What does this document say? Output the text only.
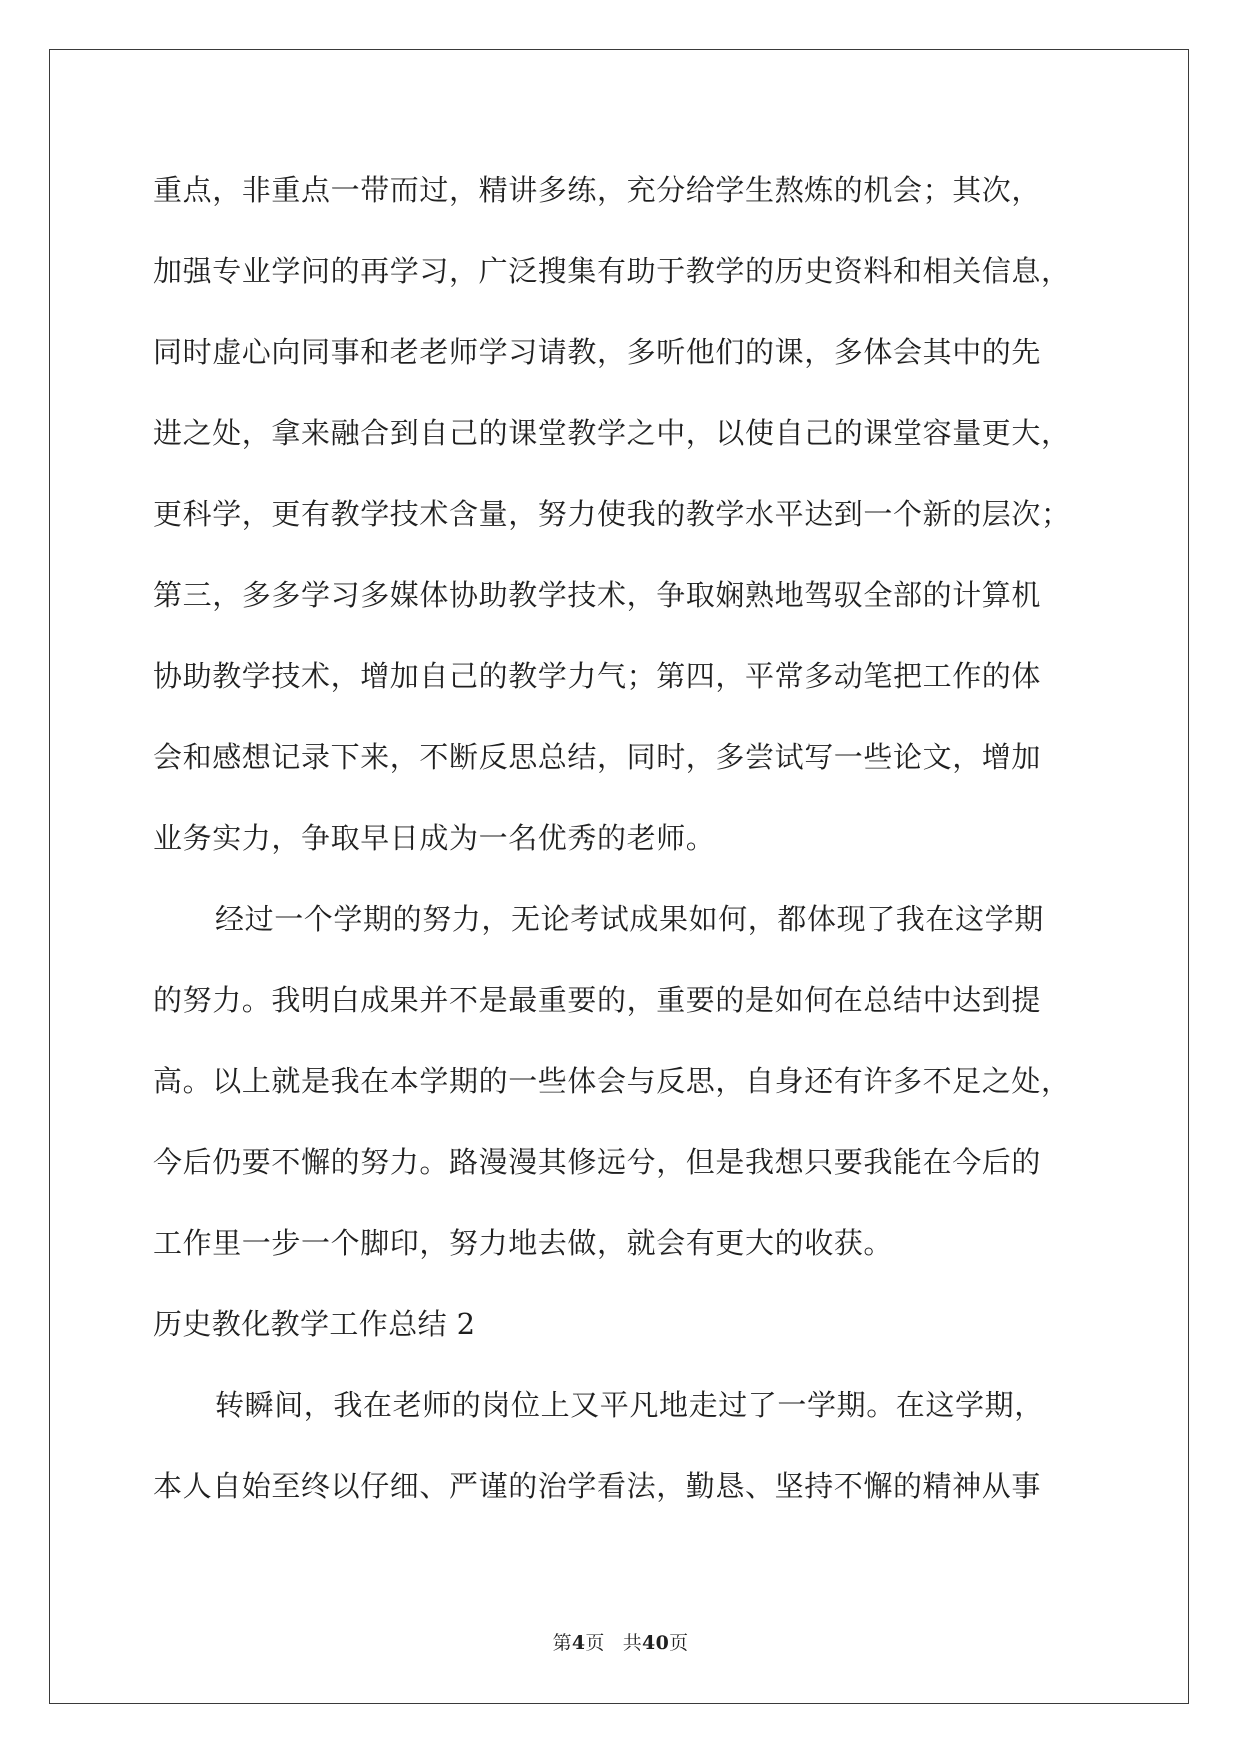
重点，非重点一带而过，精讲多练，充分给学生熬炼的机会；其次，
加强专业学问的再学习，广泛搜集有助于教学的历史资料和相关信息，
同时虚心向同事和老老师学习请教，多听他们的课，多体会其中的先
进之处，拿来融合到自己的课堂教学之中，以使自己的课堂容量更大，
更科学，更有教学技术含量，努力使我的教学水平达到一个新的层次；
第三，多多学习多媒体协助教学技术，争取娴熟地驾驭全部的计算机
协助教学技术，增加自己的教学力气；第四，平常多动笔把工作的体
会和感想记录下来，不断反思总结，同时，多尝试写一些论文，增加
业务实力，争取早日成为一名优秀的老师。
经过一个学期的努力，无论考试成果如何，都体现了我在这学期
的努力。我明白成果并不是最重要的，重要的是如何在总结中达到提
高。以上就是我在本学期的一些体会与反思，自身还有许多不足之处，
今后仍要不懈的努力。路漫漫其修远兮，但是我想只要我能在今后的
工作里一步一个脚印，努力地去做，就会有更大的收获。
历史教化教学工作总结 2
转瞬间，我在老师的岗位上又平凡地走过了一学期。在这学期，
本人自始至终以仔细、严谨的治学看法，勤恳、坚持不懈的精神从事
第4页 共40页
